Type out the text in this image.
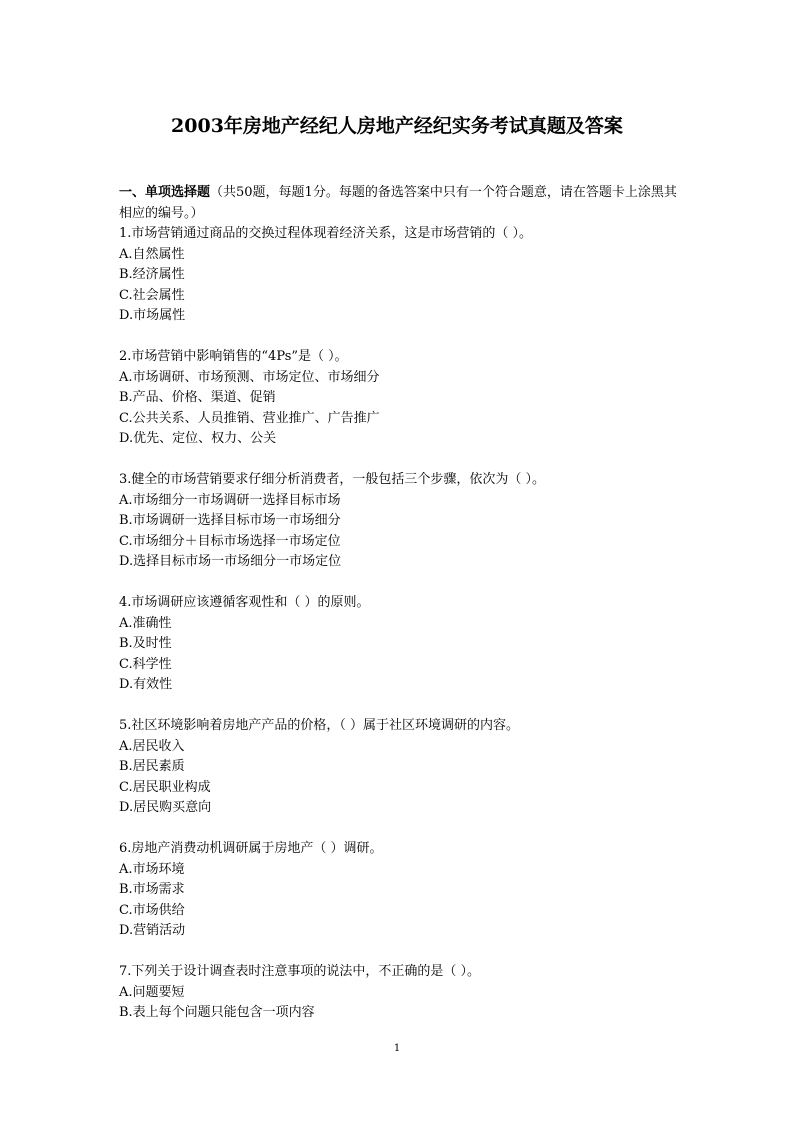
2003年房地产经纪人房地产经纪实务考试真题及答案
一、单项选择题（共50题，每题1分。每题的备选答案中只有一个符合题意，请在答题卡上涂黑其相应的编号。）
1.市场营销通过商品的交换过程体现着经济关系，这是市场营销的（ ）。
A.自然属性
B.经济属性
C.社会属性
D.市场属性
2.市场营销中影响销售的“4Ps”是（ ）。
A.市场调研、市场预测、市场定位、市场细分
B.产品、价格、渠道、促销
C.公共关系、人员推销、营业推广、广告推广
D.优先、定位、权力、公关
3.健全的市场营销要求仔细分析消费者，一般包括三个步骤，依次为（ ）。
A.市场细分一市场调研一选择目标市场
B.市场调研一选择目标市场一市场细分
C.市场细分＋目标市场选择一市场定位
D.选择目标市场一市场细分一市场定位
4.市场调研应该遵循客观性和（ ）的原则。
A.准确性
B.及时性
C.科学性
D.有效性
5.社区环境影响着房地产产品的价格，（ ）属于社区环境调研的内容。
A.居民收入
B.居民素质
C.居民职业构成
D.居民购买意向
6.房地产消费动机调研属于房地产（ ）调研。
A.市场环境
B.市场需求
C.市场供给
D.营销活动
7.下列关于设计调查表时注意事项的说法中，不正确的是（ ）。
A.问题要短
B.表上每个问题只能包含一项内容
1
